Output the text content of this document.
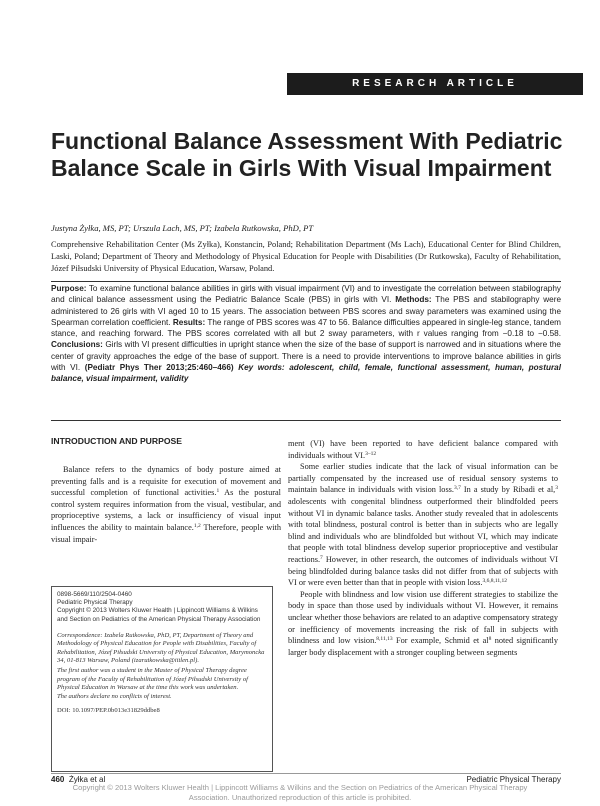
RESEARCH ARTICLE
Functional Balance Assessment With Pediatric Balance Scale in Girls With Visual Impairment
Justyna Żyłka, MS, PT; Urszula Lach, MS, PT; Izabela Rutkowska, PhD, PT
Comprehensive Rehabilitation Center (Ms Zyłka), Konstancin, Poland; Rehabilitation Department (Ms Lach), Educational Center for Blind Children, Laski, Poland; Department of Theory and Methodology of Physical Education for People with Disabilities (Dr Rutkowska), Faculty of Rehabilitation, Józef Piłsudski University of Physical Education, Warsaw, Poland.
Purpose: To examine functional balance abilities in girls with visual impairment (VI) and to investigate the correlation between stabilography and clinical balance assessment using the Pediatric Balance Scale (PBS) in girls with VI. Methods: The PBS and stabilography were administered to 26 girls with VI aged 10 to 15 years. The association between PBS scores and sway parameters was examined using the Spearman correlation coefficient. Results: The range of PBS scores was 47 to 56. Balance difficulties appeared in single-leg stance, tandem stance, and reaching forward. The PBS scores correlated with all but 2 sway parameters, with r values ranging from −0.18 to −0.58. Conclusions: Girls with VI present difficulties in upright stance when the size of the base of support is narrowed and in situations where the center of gravity approaches the edge of the base of support. There is a need to provide interventions to improve balance abilities in girls with VI. (Pediatr Phys Ther 2013;25:460–466) Key words: adolescent, child, female, functional assessment, human, postural balance, visual impairment, validity
INTRODUCTION AND PURPOSE

Balance refers to the dynamics of body posture aimed at preventing falls and is a requisite for execution of movement and successful completion of functional activities.$^1$ As the postural control system requires information from the visual, vestibular, and proprioceptive systems, a lack or insufficiency of visual input influences the ability to maintain balance.$^{1,2}$ Therefore, people with visual impair-

0898-5669/110/2504-0460
Pediatric Physical Therapy
Copyright © 2013 Wolters Kluwer Health | Lippincott Williams & Wilkins and Section on Pediatrics of the American Physical Therapy Association
Correspondence: Izabela Rutkowska, PhD, PT, Department of Theory and Methodology of Physical Education for People with Disabilities, Faculty of Rehabilitation, Józef Piłsudski University of Physical Education, Marymoncka 34, 01-813 Warsaw, Poland (izarutkowska@iitlen.pl).
The first author was a student in the Master of Physical Therapy degree program of the Faculty of Rehabilitation of Józef Piłsudski University of Physical Education in Warsaw at the time this work was undertaken.
The authors declare no conflicts of interest.
DOI: 10.1097/PEP.0b013e31829ddbe8

ment (VI) have been reported to have deficient balance compared with individuals without VI.$^{3-12}$

Some earlier studies indicate that the lack of visual information can be partially compensated by the increased use of residual sensory systems to maintain balance in individuals with vision loss.$^{3,7}$ In a study by Ribadi et al,$^3$ adolescents with congenital blindness outperformed their blindfolded peers without VI in dynamic balance tasks. Another study revealed that in adolescents with total blindness, postural control is better than in subjects who are legally blind and individuals who are blindfolded but without VI, which may indicate that people with total blindness develop superior proprioceptive and vestibular reactions.$^7$ However, in other research, the outcomes of individuals without VI being blindfolded during balance tasks did not differ from that of subjects with VI or were even better than that in people with vision loss.$^{3,6,8,11,12}$

People with blindness and low vision use different strategies to stabilize the body in space than those used by individuals without VI. However, it remains unclear whether those behaviors are related to an adaptive compensatory strategy or inefficiency of movements increasing the risk of fall in subjects with blindness and low vision.$^{8,11,13}$ For example, Schmid et $al^8$ noted significantly larger body displacement with a stronger coupling between segments

460 Żyłka et al	Pediatric Physical Therapy
Copyright © 2013 Wolters Kluwer Health | Lippincott Williams & Wilkins and the Section on Pediatrics of the American Physical Therapy
Association. Unauthorized reproduction of this article is prohibited.
